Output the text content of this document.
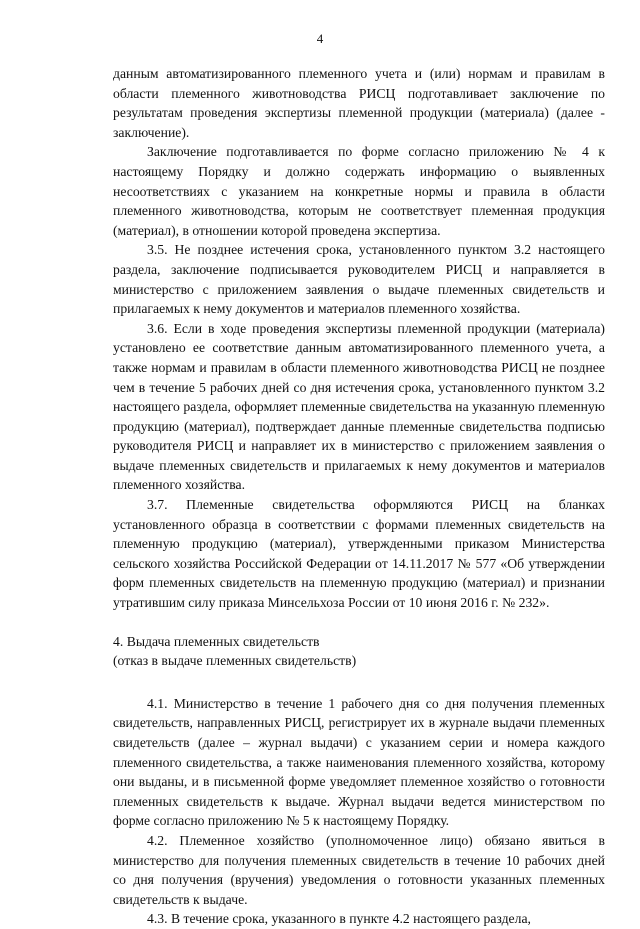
4

данным автоматизированного племенного учета и (или) нормам и правилам в области племенного животноводства РИСЦ подготавливает заключение по результатам проведения экспертизы племенной продукции (материала) (далее - заключение).

Заключение подготавливается по форме согласно приложению № 4 к настоящему Порядку и должно содержать информацию о выявленных несоответствиях с указанием на конкретные нормы и правила в области племенного животноводства, которым не соответствует племенная продукция (материал), в отношении которой проведена экспертиза.

3.5. Не позднее истечения срока, установленного пунктом 3.2 настоящего раздела, заключение подписывается руководителем РИСЦ и направляется в министерство с приложением заявления о выдаче племенных свидетельств и прилагаемых к нему документов и материалов племенного хозяйства.

3.6. Если в ходе проведения экспертизы племенной продукции (материала) установлено ее соответствие данным автоматизированного племенного учета, а также нормам и правилам в области племенного животноводства РИСЦ не позднее чем в течение 5 рабочих дней со дня истечения срока, установленного пунктом 3.2 настоящего раздела, оформляет племенные свидетельства на указанную племенную продукцию (материал), подтверждает данные племенные свидетельства подписью руководителя РИСЦ и направляет их в министерство с приложением заявления о выдаче племенных свидетельств и прилагаемых к нему документов и материалов племенного хозяйства.

3.7. Племенные свидетельства оформляются РИСЦ на бланках установленного образца в соответствии с формами племенных свидетельств на племенную продукцию (материал), утвержденными приказом Министерства сельского хозяйства Российской Федерации от 14.11.2017 № 577 «Об утверждении форм племенных свидетельств на племенную продукцию (материал) и признании утратившим силу приказа Минсельхоза России от 10 июня 2016 г. № 232».

4. Выдача племенных свидетельств

(отказ в выдаче племенных свидетельств)

4.1. Министерство в течение 1 рабочего дня со дня получения племенных свидетельств, направленных РИСЦ, регистрирует их в журнале выдачи племенных свидетельств (далее – журнал выдачи) с указанием серии и номера каждого племенного свидетельства, а также наименования племенного хозяйства, которому они выданы, и в письменной форме уведомляет племенное хозяйство о готовности племенных свидетельств к выдаче. Журнал выдачи ведется министерством по форме согласно приложению № 5 к настоящему Порядку.

4.2. Племенное хозяйство (уполномоченное лицо) обязано явиться в министерство для получения племенных свидетельств в течение 10 рабочих дней со дня получения (вручения) уведомления о готовности указанных племенных свидетельств к выдаче.

4.3. В течение срока, указанного в пункте 4.2 настоящего раздела,
